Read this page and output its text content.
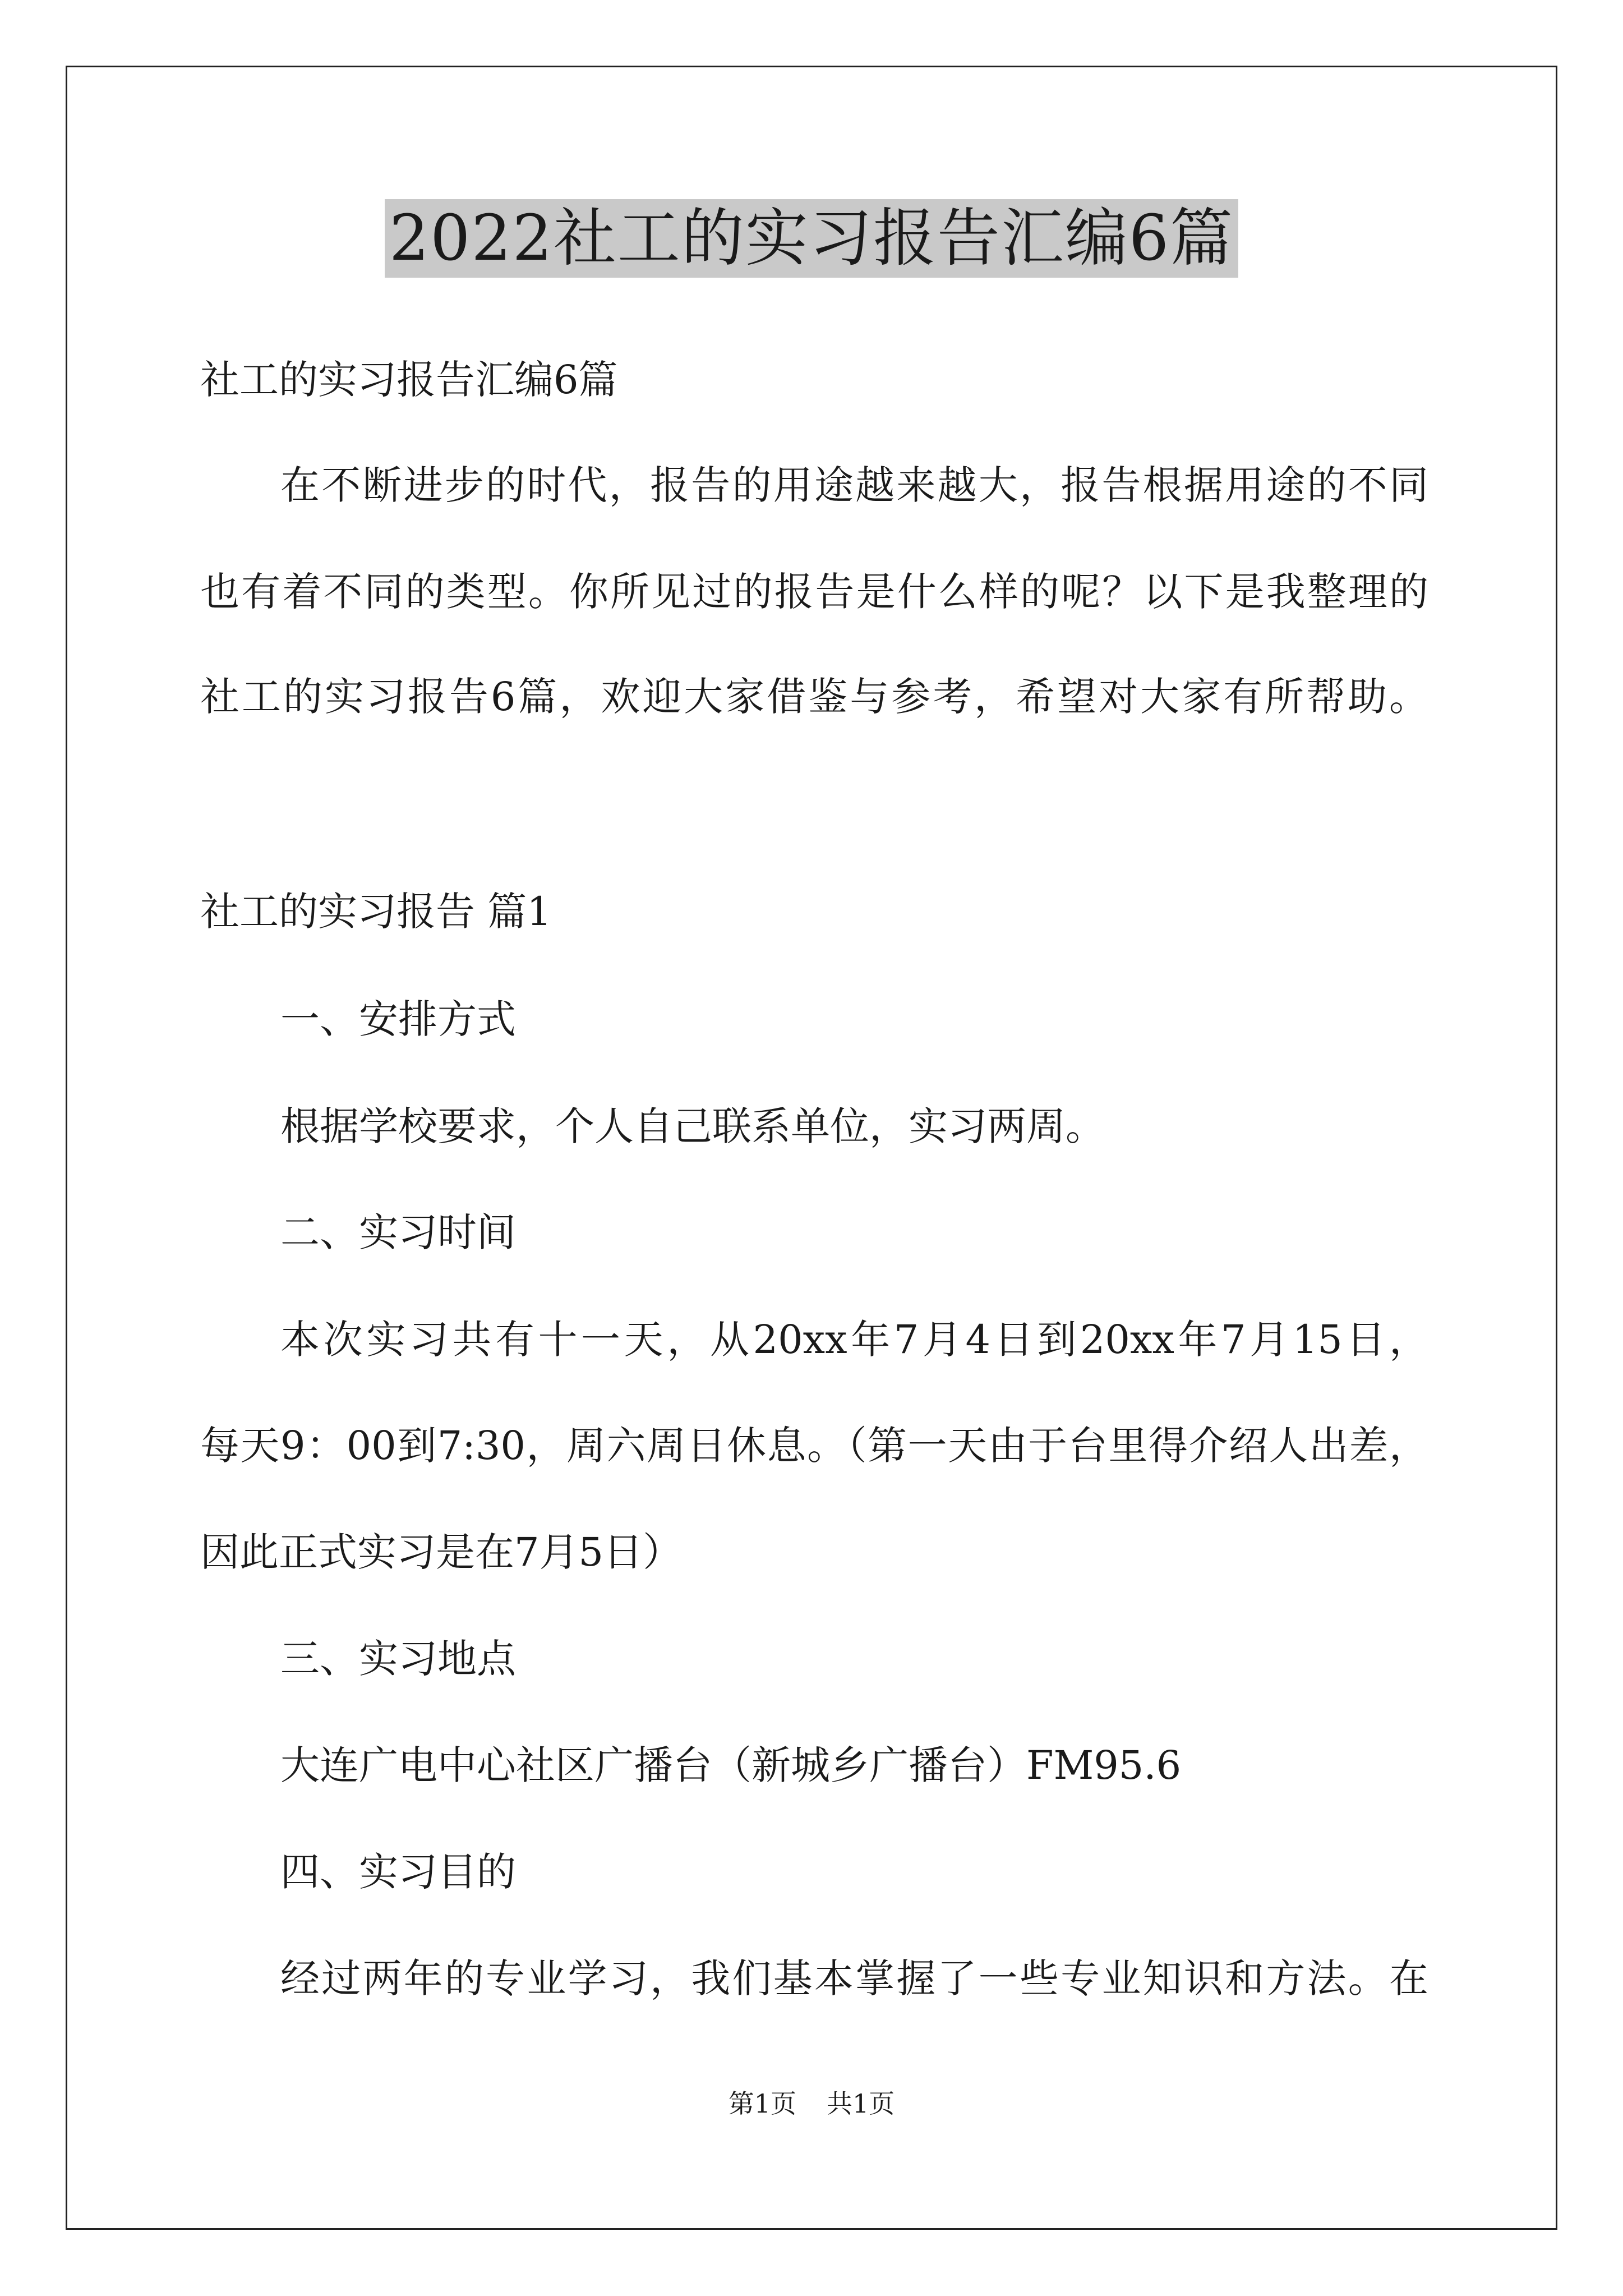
2022社工的实习报告汇编6篇
社工的实习报告汇编6篇
在不断进步的时代，报告的用途越来越大，报告根据用途的不同
也有着不同的类型。你所见过的报告是什么样的呢？以下是我整理的
社工的实习报告6篇，欢迎大家借鉴与参考，希望对大家有所帮助。
社工的实习报告 篇1
一、安排方式
根据学校要求，个人自己联系单位，实习两周。
二、实习时间
本次实习共有十一天，从20xx年7月4日到20xx年7月15日，
每天9：00到7:30，周六周日休息。（第一天由于台里得介绍人出差，
因此正式实习是在7月5日）
三、实习地点
大连广电中心社区广播台（新城乡广播台）FM95.6
四、实习目的
经过两年的专业学习，我们基本掌握了一些专业知识和方法。在
第1页 共1页
